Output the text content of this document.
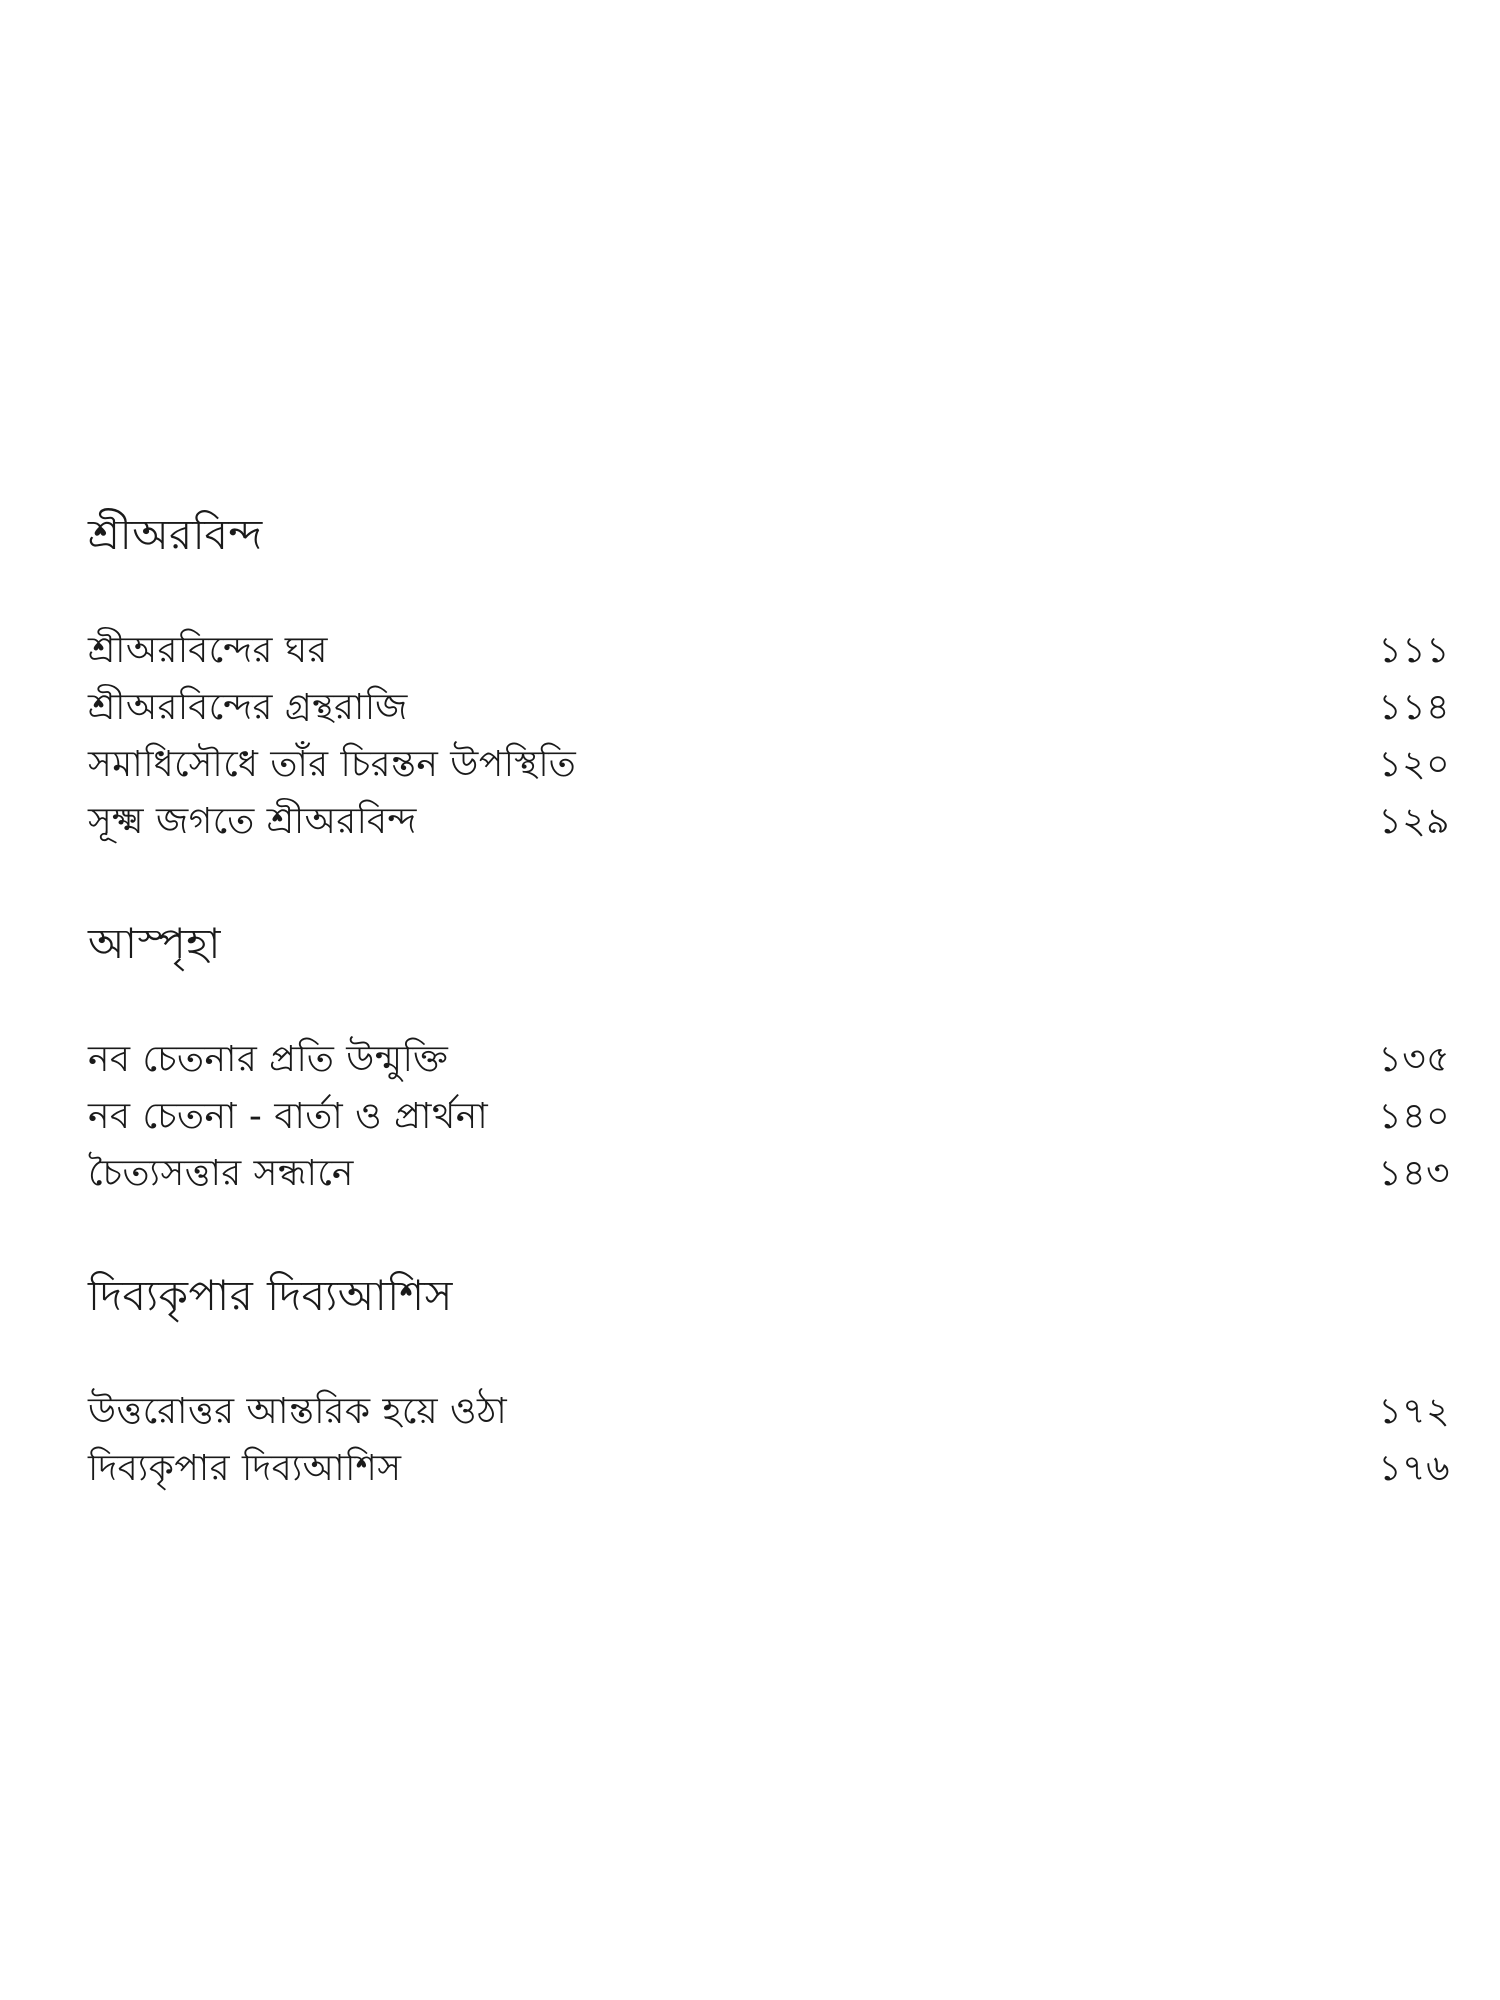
শ্রীঅরবিন্দ
শ্রীঅরবিন্দের ঘর	১১১
শ্রীঅরবিন্দের গ্রন্থরাজি	১১৪
সমাধিসৌধে তাঁর চিরন্তন উপস্থিতি	১২০
সূক্ষ্ম জগতে শ্রীঅরবিন্দ	১২৯
আস্পৃহা
নব চেতনার প্রতি উন্মুক্তি	১৩৫
নব চেতনা - বার্তা ও প্রার্থনা	১৪০
চৈত্যসত্তার সন্ধানে	১৪৩
দিব্যকৃপার দিব্যআশিস
উত্তরোত্তর আন্তরিক হয়ে ওঠা	১৭২
দিব্যকৃপার দিব্যআশিস	১৭৬
